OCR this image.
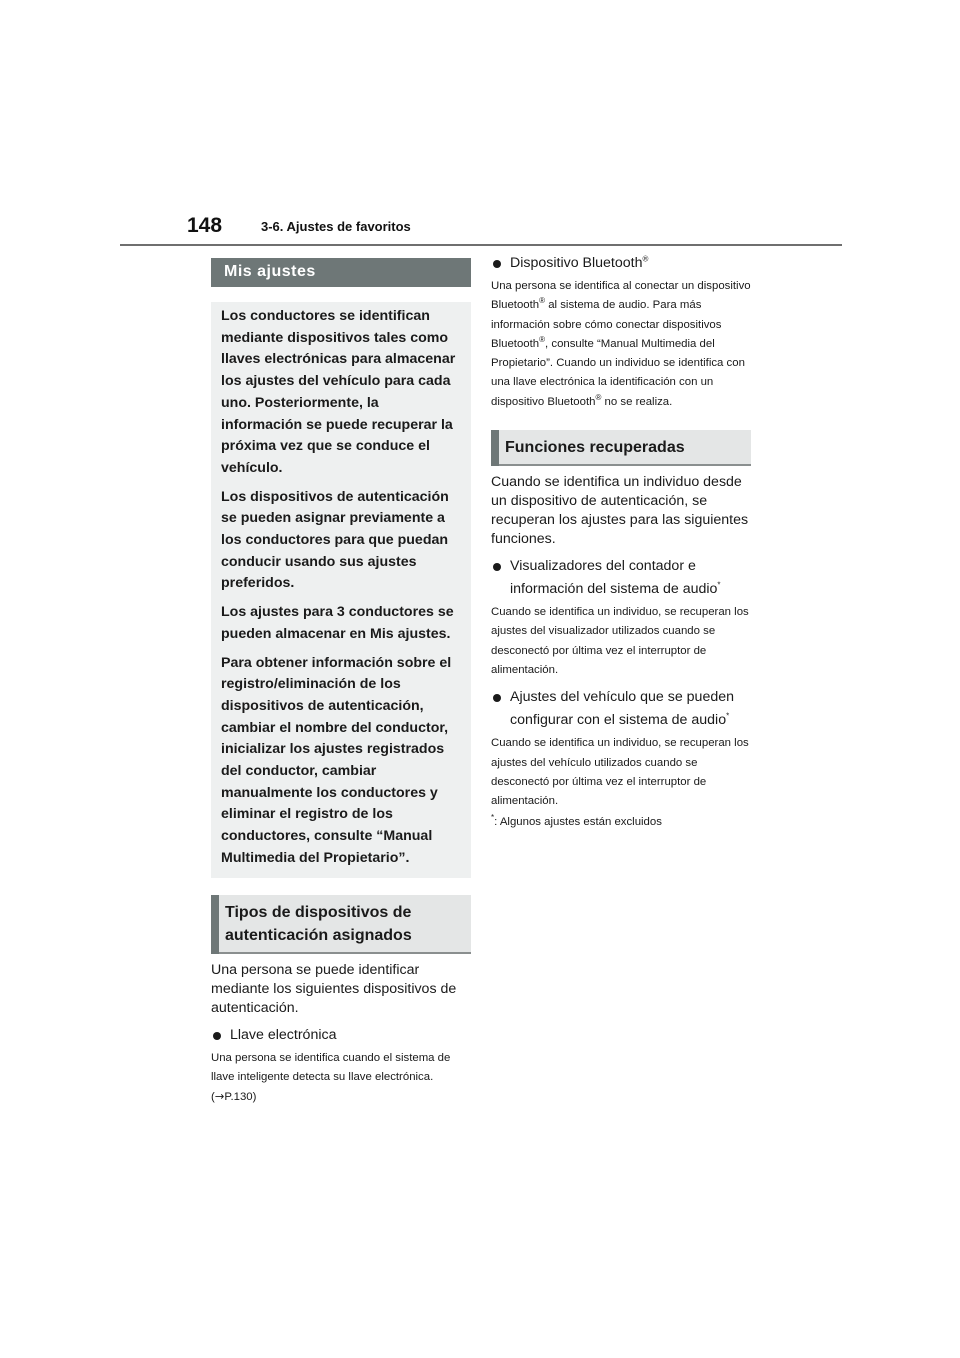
148	3-6. Ajustes de favoritos
Mis ajustes

Los conductores se identifican mediante dispositivos tales como llaves electrónicas para almacenar los ajustes del vehículo para cada uno. Posteriormente, la información se puede recuperar la próxima vez que se conduce el vehículo.

Los dispositivos de autenticación se pueden asignar previamente a los conductores para que puedan conducir usando sus ajustes preferidos.

Los ajustes para 3 conductores se pueden almacenar en Mis ajustes.

Para obtener información sobre el registro/eliminación de los dispositivos de autenticación, cambiar el nombre del conductor, inicializar los ajustes registrados del conductor, cambiar manualmente los conductores y eliminar el registro de los conductores, consulte “Manual Multimedia del Propietario”.

Tipos de dispositivos de autenticación asignados

Una persona se puede identificar mediante los siguientes dispositivos de autenticación.

Llave electrónica

Una persona se identifica cuando el sistema de llave inteligente detecta su llave electrónica. (→P.130)

Dispositivo Bluetooth®

Una persona se identifica al conectar un dispositivo Bluetooth® al sistema de audio. Para más información sobre cómo conectar dispositivos Bluetooth®, consulte “Manual Multimedia del Propietario”. Cuando un individuo se identifica con una llave electrónica la identificación con un dispositivo Bluetooth® no se realiza.

Funciones recuperadas

Cuando se identifica un individuo desde un dispositivo de autenticación, se recuperan los ajustes para las siguientes funciones.

Visualizadores del contador e información del sistema de audio*

Cuando se identifica un individuo, se recuperan los ajustes del visualizador utilizados cuando se desconectó por última vez el interruptor de alimentación.

Ajustes del vehículo que se pueden configurar con el sistema de audio*

Cuando se identifica un individuo, se recuperan los ajustes del vehículo utilizados cuando se desconectó por última vez el interruptor de alimentación.

*: Algunos ajustes están excluidos
